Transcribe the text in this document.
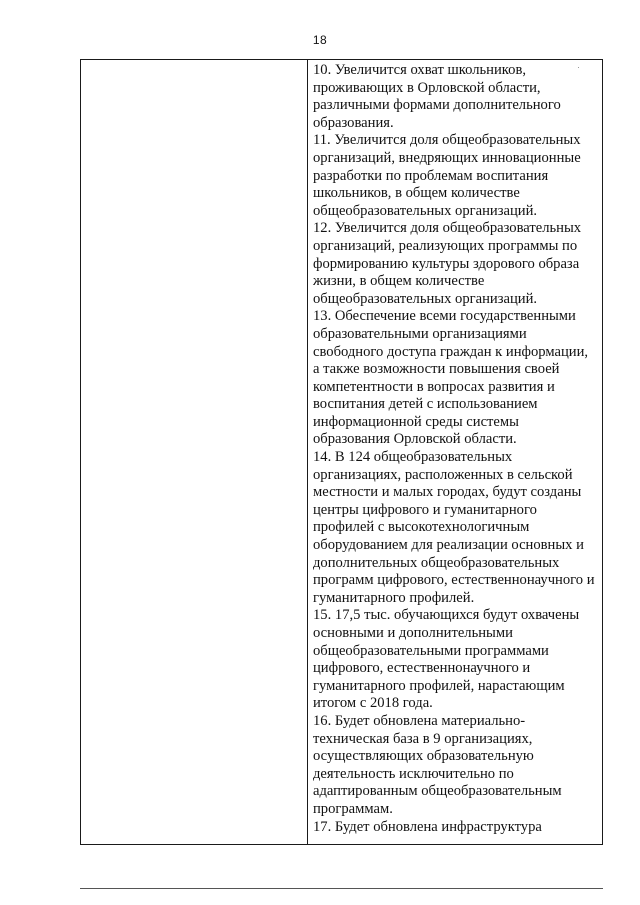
18

10. Увеличится охват школьников, проживающих в Орловской области, различными формами дополнительного образования.

11. Увеличится доля общеобразовательных организаций, внедряющих инновационные разработки по проблемам воспитания школьников, в общем количестве общеобразовательных организаций.

12. Увеличится доля общеобразовательных организаций, реализующих программы по формированию культуры здорового образа жизни, в общем количестве общеобразовательных организаций.

13. Обеспечение всеми государственными образовательными организациями свободного доступа граждан к информации, а также возможности повышения своей компетентности в вопросах развития и воспитания детей с использованием информационной среды системы образования Орловской области.

14. В 124 общеобразовательных организациях, расположенных в сельской местности и малых городах, будут созданы центры цифрового и гуманитарного профилей с высокотехнологичным оборудованием для реализации основных и дополнительных общеобразовательных программ цифрового, естественнонаучного и гуманитарного профилей.

15. 17,5 тыс. обучающихся будут охвачены основными и дополнительными общеобразовательными программами цифрового, естественнонаучного и гуманитарного профилей, нарастающим итогом с 2018 года.

16. Будет обновлена материально-техническая база в 9 организациях, осуществляющих образовательную деятельность исключительно по адаптированным общеобразовательным программам.

17. Будет обновлена инфраструктура
